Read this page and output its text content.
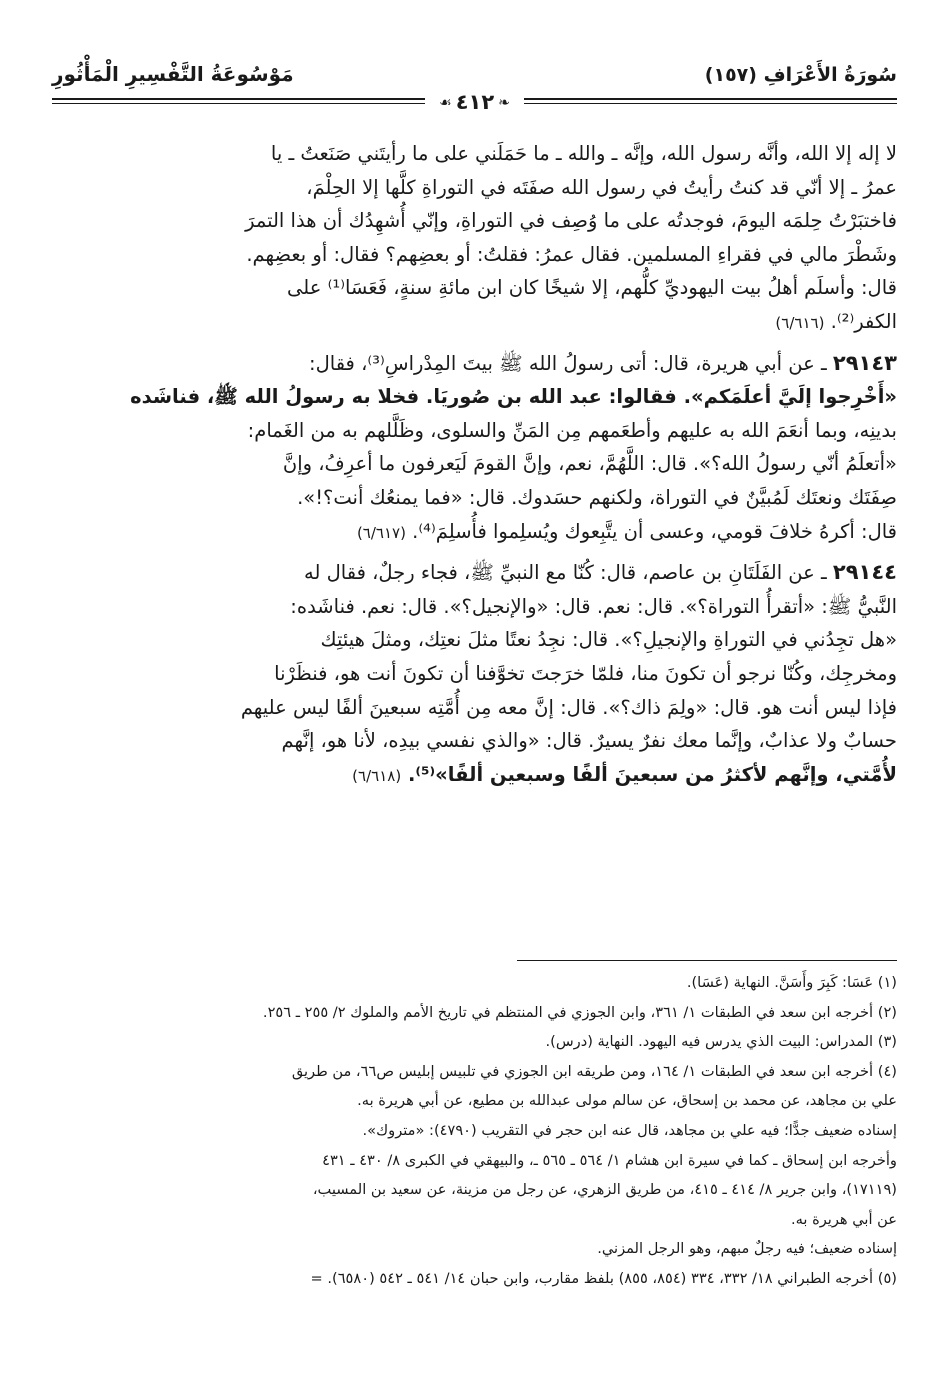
سُورَةُ الأَعْرَافِ (١٥٧)
مَوْسُوعَةُ التَّفْسِيرِ الْمَأْثُورِ
❧٤١٢☙

لا إله إلا الله، وأنَّه رسول الله، وإنَّه ـ والله ـ ما حَمَلَني على ما رأيتَني صَنَعتُ ـ يا

عمرُ ـ إلا أنّي قد كنتُ رأيتُ في رسول الله صفَتَه في التوراةِ كلَّها إلا الحِلْمَ،

فاختبَرْتُ حِلمَه اليومَ، فوجدتُه على ما وُصِف في التوراةِ، وإنّي أُشهِدُك أن هذا التمرَ

وشَطْرَ مالي في فقراءِ المسلمين. فقال عمرُ: فقلتُ: أو بعضِهم؟ فقال: أو بعضِهم.

قال: وأسلَم أهلُ بيت اليهوديِّ كلُّهم، إلا شيخًا كان ابن مائةِ سنةٍ، فَعَسَا⁽¹⁾ على

الكفر⁽²⁾. (٦/٦١٦)

٢٩١٤٣ ـ عن أبي هريرة، قال: أتى رسولُ الله ﷺ بيتَ المِدْراسِ⁽³⁾، فقال:

«أَخْرِجوا إلَيَّ أعلَمَكم». فقالوا: عبد الله بن صُوريَا. فخلا به رسولُ الله ﷺ، فناشَده

بدينِه، وبما أنعَمَ الله به عليهم وأطعَمهم مِن المَنِّ والسلوى، وظَلَّلهم به من الغَمام:

«أتعلَمُ أنّي رسولُ الله؟». قال: اللَّهُمَّ، نعم، وإنَّ القومَ لَيَعرفون ما أعرِفُ، وإنَّ

صِفَتَك ونعتَك لَمُبيَّنٌ في التوراة، ولكنهم حسَدوك. قال: «فما يمنعُك أنت؟!».

قال: أكرهُ خلافَ قومي، وعسى أن يتَّبِعوك ويُسلِموا فأُسلِمَ⁽⁴⁾. (٦/٦١٧)

٢٩١٤٤ ـ عن الفَلَتَانِ بن عاصم، قال: كُنّا مع النبيِّ ﷺ، فجاء رجلٌ، فقال له

النَّبيُّ ﷺ: «أتقرأُ التوراة؟». قال: نعم. قال: «والإنجيل؟». قال: نعم. فناشَده:

«هل تجِدُني في التوراةِ والإنجيلِ؟». قال: نجِدُ نعتًا مثلَ نعتِك، ومثلَ هيئتِك

ومخرجِك، وكُنّا نرجو أن تكونَ منا، فلمّا خرَجتَ تخوَّفنا أن تكونَ أنت هو، فنظَرْنا

فإذا ليس أنت هو. قال: «ولِمَ ذاك؟». قال: إنَّ معه مِن أُمَّتِه سبعينَ ألفًا ليس عليهم

حسابٌ ولا عذابٌ، وإنَّما معك نفرٌ يسيرٌ. قال: «والذي نفسي بيدِه، لأنا هو، إنَّهم

لأُمَّتي، وإنَّهم لأكثرُ من سبعينَ ألفًا وسبعين ألفًا»⁽⁵⁾. (٦/٦١٨)

(١) عَسَا: كَبِرَ وأَسَنَّ. النهاية (عَسَا).

(٢) أخرجه ابن سعد في الطبقات ١/ ٣٦١، وابن الجوزي في المنتظم في تاريخ الأمم والملوك ٢/ ٢٥٥ ـ ٢٥٦.

(٣) المدراس: البيت الذي يدرس فيه اليهود. النهاية (درس).

(٤) أخرجه ابن سعد في الطبقات ١/ ١٦٤، ومن طريقه ابن الجوزي في تلبيس إبليس ص٦٦، من طريق

علي بن مجاهد، عن محمد بن إسحاق، عن سالم مولى عبدالله بن مطيع، عن أبي هريرة به.

إسناده ضعيف جدًّا؛ فيه علي بن مجاهد، قال عنه ابن حجر في التقريب (٤٧٩٠): «متروك».

وأخرجه ابن إسحاق ـ كما في سيرة ابن هشام ١/ ٥٦٤ ـ ٥٦٥ ـ، والبيهقي في الكبرى ٨/ ٤٣٠ ـ ٤٣١

(١٧١١٩)، وابن جرير ٨/ ٤١٤ ـ ٤١٥، من طريق الزهري، عن رجل من مزينة، عن سعيد بن المسيب،

عن أبي هريرة به.

إسناده ضعيف؛ فيه رجلٌ مبهم، وهو الرجل المزني.

(٥) أخرجه الطبراني ١٨/ ٣٣٢، ٣٣٤ (٨٥٤، ٨٥٥) بلفظ مقارب، وابن حبان ١٤/ ٥٤١ ـ ٥٤٢ (٦٥٨٠). =
